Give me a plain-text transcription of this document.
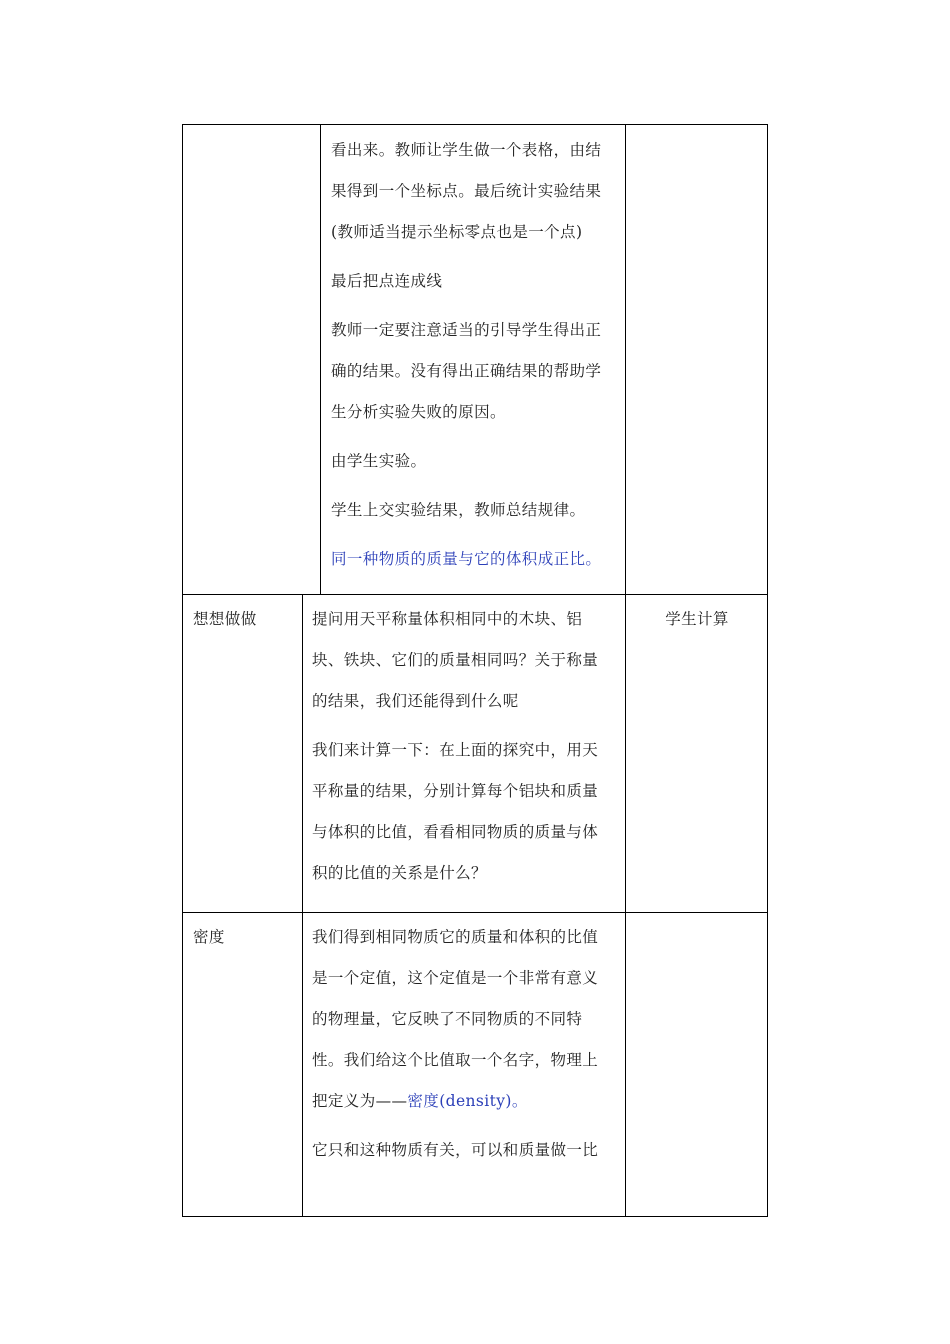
看出来。教师让学生做一个表格，由结
果得到一个坐标点。最后统计实验结果
(教师适当提示坐标零点也是一个点)
最后把点连成线
教师一定要注意适当的引导学生得出正
确的结果。没有得出正确结果的帮助学
生分析实验失败的原因。
由学生实验。
学生上交实验结果，教师总结规律。
同一种物质的质量与它的体积成正比。
想想做做	提问用天平称量体积相同中的木块、铝
块、铁块、它们的质量相同吗？关于称量
的结果，我们还能得到什么呢
我们来计算一下：在上面的探究中，用天
平称量的结果，分别计算每个铝块和质量
与体积的比值，看看相同物质的质量与体
积的比值的关系是什么？
学生计算
密度	我们得到相同物质它的质量和体积的比值
是一个定值，这个定值是一个非常有意义
的物理量，它反映了不同物质的不同特
性。我们给这个比值取一个名字，物理上
把定义为——密度(density)。
它只和这种物质有关，可以和质量做一比
